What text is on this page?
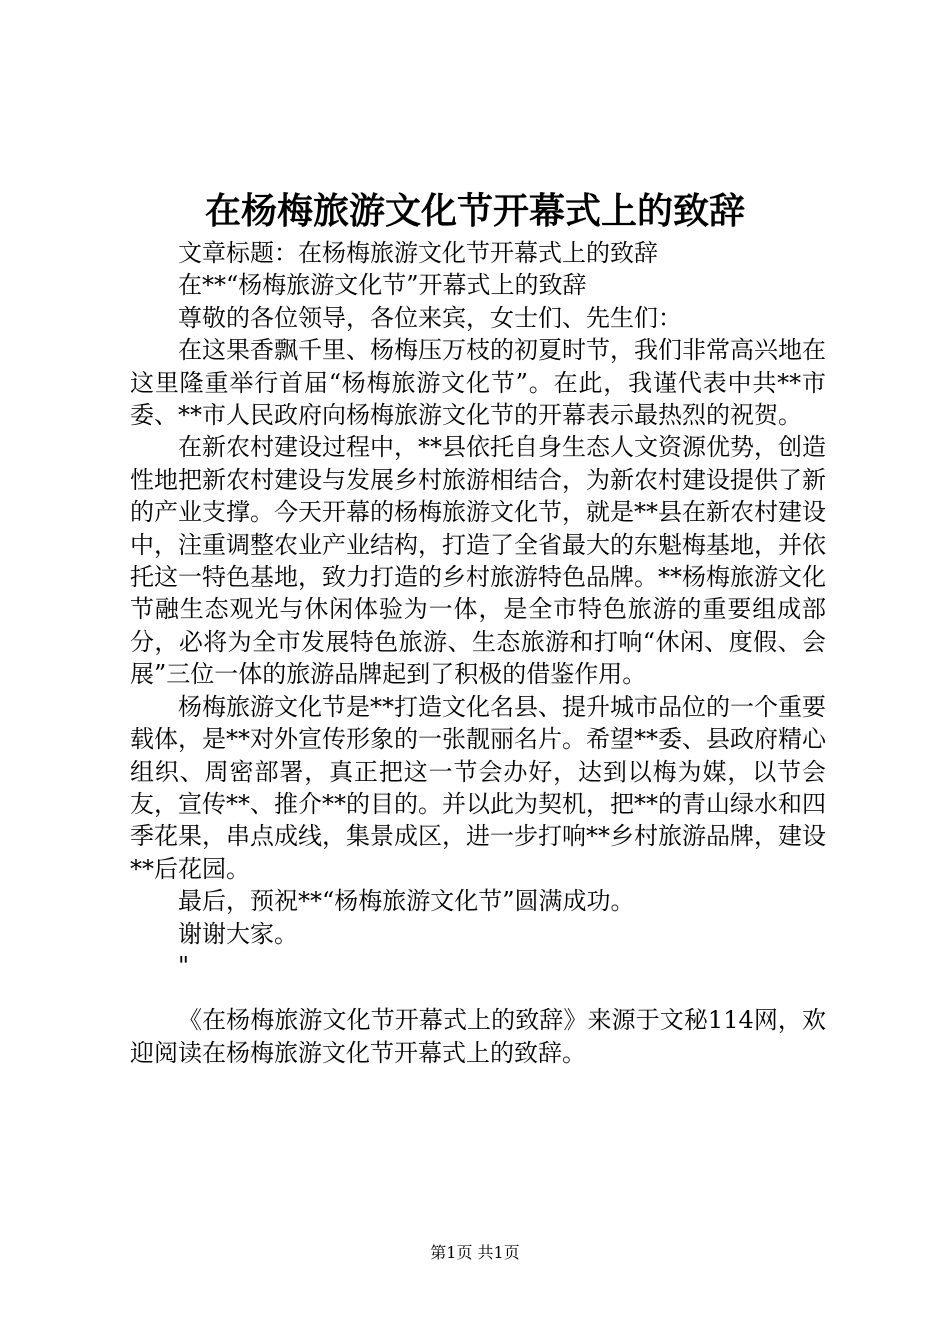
在杨梅旅游文化节开幕式上的致辞

文章标题：在杨梅旅游文化节开幕式上的致辞

在**“杨梅旅游文化节”开幕式上的致辞

尊敬的各位领导，各位来宾，女士们、先生们：

在这果香飘千里、杨梅压万枝的初夏时节，我们非常高兴地在这里隆重举行首届“杨梅旅游文化节”。在此，我谨代表中共**市委、**市人民政府向杨梅旅游文化节的开幕表示最热烈的祝贺。

在新农村建设过程中，**县依托自身生态人文资源优势，创造性地把新农村建设与发展乡村旅游相结合，为新农村建设提供了新的产业支撑。今天开幕的杨梅旅游文化节，就是**县在新农村建设中，注重调整农业产业结构，打造了全省最大的东魁梅基地，并依托这一特色基地，致力打造的乡村旅游特色品牌。**杨梅旅游文化节融生态观光与休闲体验为一体，是全市特色旅游的重要组成部分，必将为全市发展特色旅游、生态旅游和打响“休闲、度假、会展”三位一体的旅游品牌起到了积极的借鉴作用。

杨梅旅游文化节是**打造文化名县、提升城市品位的一个重要载体，是**对外宣传形象的一张靓丽名片。希望**委、县政府精心组织、周密部署，真正把这一节会办好，达到以梅为媒，以节会友，宣传**、推介**的目的。并以此为契机，把**的青山绿水和四季花果，串点成线，集景成区，进一步打响**乡村旅游品牌，建设**后花园。

最后，预祝**“杨梅旅游文化节”圆满成功。

谢谢大家。

"

《在杨梅旅游文化节开幕式上的致辞》来源于文秘114网，欢迎阅读在杨梅旅游文化节开幕式上的致辞。

第1页 共1页
